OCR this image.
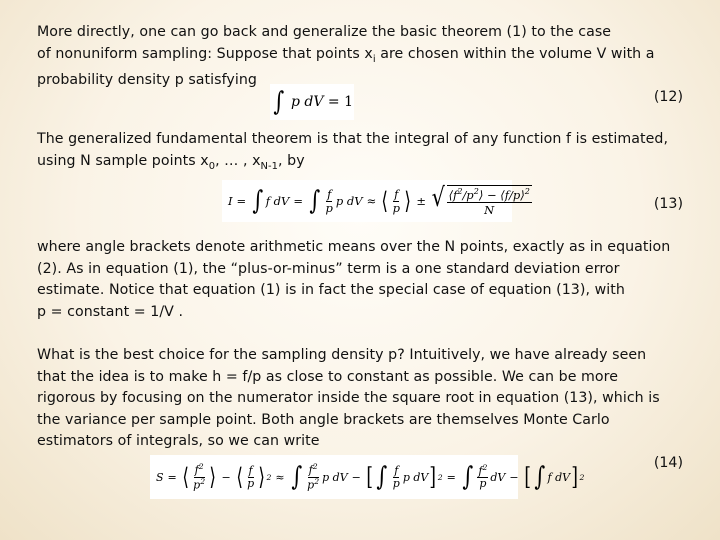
More directly, one can go back and generalize the basic theorem (1) to the case
of nonuniform sampling: Suppose that points $x_i$ are chosen within the volume V with a
probability density p satisfying
∫
p dV
= 1	(12)
The generalized fundamental theorem is that the integral of any function f is estimated,
using N sample points $x_0$, … , $x_{N-1}$, by
I = ∫ f dV = ∫ $\frac{f}{p}$ p dV ≈ ⟨ $\frac{f}{p}$ ⟩ ± √ $⟨f^2/p^2⟩$ − ⟨f/p⟩$^2$
N	(13)
where angle brackets denote arithmetic means over the N points, exactly as in equation
(2). As in equation (1), the “plus-or-minus” term is a one standard deviation error
estimate. Notice that equation (1) is in fact the special case of equation (13), with
p = constant = 1/V .
What is the best choice for the sampling density p? Intuitively, we have already seen
that the idea is to make h = f/p as close to constant as possible. We can be more
rigorous by focusing on the numerator inside the square root in equation (13), which is
the variance per sample point. Both angle brackets are themselves Monte Carlo
estimators of integrals, so we can write
S = ⟨ $\frac{f^2}{p^2}$ ⟩ − ⟨ $\frac{f}{p}$ ⟩ 2 ≈ ∫ $\frac{f^2}{p^2}$ p dV − [ ∫ $\frac{f}{p}$ p dV ] 2 = ∫ $\frac{f^2}{p}$ dV − [ ∫ f dV ] 2
(14)
